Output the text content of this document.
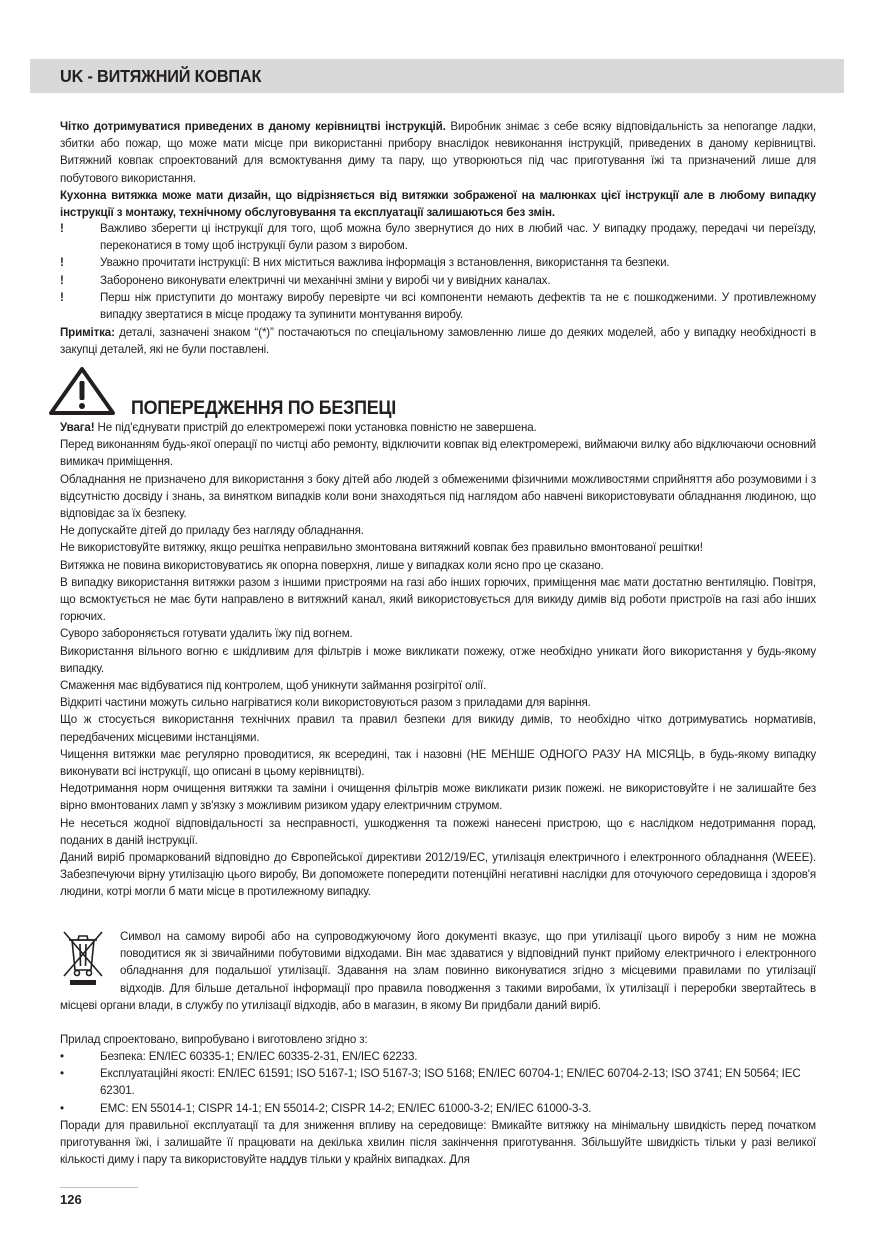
UK - ВИТЯЖНИЙ КОВПАК

Чітко дотримуватися приведених в даному керівництві інструкцій. Виробник знімає з себе всяку відповідальність за непоrange ладки, збитки або пожар, що може мати місце при використанні прибору внаслідок невиконання інструкцій, приведених в даному керівництві. Витяжний ковпак спроектований для всмоктування диму та пару, що утворюються під час приготування їжі та призначений лише для побутового використання.

Кухонна витяжка може мати дизайн, що відрізняється від витяжки зображеної на малюнках цієї інструкції але в любому випадку інструкції з монтажу, технічному обслуговування та експлуатації залишаються без змін.

!	Важливо зберегти ці інструкції для того, щоб можна було звернутися до них в любий час. У випадку продажу, передачі чи переїзду, переконатися в тому щоб інструкції були разом з виробом.
!	Уважно прочитати інструкції: В них міститься важлива інформація з встановлення, використання та безпеки.
!	Заборонено виконувати електричні чи механічні зміни у виробі чи у вивідних каналах.
!	Перш ніж приступити до монтажу виробу перевірте чи всі компоненти немають дефектів та не є пошкодженими. У противлежному випадку звертатися в місце продажу та зупинити монтування виробу.

Примітка: деталі, зазначені знаком “(*)” постачаються по спеціальному замовленню лише до деяких моделей, або у випадку необхідності в закупці деталей, які не були поставлені.

ПОПЕРЕДЖЕННЯ ПО БЕЗПЕЦІ
Увага! Не під'єднувати пристрій до електромережі поки установка повністю не завершена.
Перед виконанням будь-якої операції по чистці або ремонту, відключити ковпак від електромережі, виймаючи вилку або відключаючи основний вимикач приміщення.
Обладнання не призначено для використання з боку дітей або людей з обмеженими фізичними можливостями сприйняття або розумовими і з відсутністю досвіду і знань, за винятком випадків коли вони знаходяться під наглядом або навчені використовувати обладнання людиною, що відповідає за їх безпеку.
Не допускайте дітей до приладу без нагляду обладнання.
Не використовуйте витяжку, якщо решітка неправильно змонтована витяжний ковпак без правильно вмонтованої решітки!
Витяжка не повина використовуватись як опорна поверхня, лише у випадках коли ясно про це сказано.
В випадку використання витяжки разом з іншими пристроями на газі або інших горючих, приміщення має мати достатню вентиляцію. Повітря, що всмоктується не має бути направлено в витяжний канал, який використовується для викиду димів від роботи пристроїв на газі або інших горючих.
Суворо забороняється готувати удалить їжу під вогнем.
Використання вільного вогню є шкідливим для фільтрів і може викликати пожежу, отже необхідно уникати його використання у будь-якому випадку.
Смаження має відбуватися під контролем, щоб уникнути займання розігрітої олії.
Відкриті частини можуть сильно нагріватися коли використовуються разом з приладами для варіння.
Що ж стосується використання технічних правил та правил безпеки для викиду димів, то необхідно чітко дотримуватись нормативів, передбачених місцевими інстанціями.
Чищення витяжки має регулярно проводитися, як всередині, так і назовні (НЕ МЕНШЕ ОДНОГО РАЗУ НА МІСЯЦЬ, в будь-якому випадку виконувати всі інструкції, що описані в цьому керівництві).
Недотримання норм очищення витяжки та заміни і очищення фільтрів може викликати ризик пожежі. не використовуйте і не залишайте без вірно вмонтованих ламп у зв'язку з можливим ризиком удару електричним струмом.
Не несеться жодної відповідальності за несправності, ушкодження та пожежі нанесені пристрою, що є наслідком недотримання порад, поданих в даній інструкції.
Даний виріб промаркований відповідно до Європейської директиви 2012/19/EC, утилізація електричного і електронного обладнання (WEEE). Забезпечуючи вірну утилізацію цього виробу, Ви допоможете попередити потенційні негативні наслідки для оточуючого середовища і здоров'я людини, котрі могли б мати місце в протилежному випадку.

Символ на самому виробі або на супроводжуючому його документі вказує, що при утилізації цього виробу з ним не можна поводитися як зі звичайними побутовими відходами. Він має здаватися у відповідний пункт прийому електричного і електронного обладнання для подальшої утилізації. Здавання на злам повинно виконуватися згідно з місцевими правилами по утилізації відходів. Для більше детальної інформації про правила поводження з такими виробами, їх утилізації і переробки звертайтесь в місцеві органи влади, в службу по утилізації відходів, або в магазин, в якому Ви придбали даний виріб.

Прилад спроектовано, випробувано і виготовлено згідно з:

•	Безпека: EN/IEC 60335-1; EN/IEC 60335-2-31, EN/IEC 62233.
•	Експлуатаційні якості: EN/IEC 61591; ISO 5167-1; ISO 5167-3; ISO 5168; EN/IEC 60704-1; EN/IEC 60704-2-13; ISO 3741; EN 50564; IEC 62301.
•	EMC: EN 55014-1; CISPR 14-1; EN 55014-2; CISPR 14-2; EN/IEC 61000-3-2; EN/IEC 61000-3-3.

Поради для правильної експлуатації та для зниження впливу на середовище: Вмикайте витяжку на мінімальну швидкість перед початком приготування їжі, і залишайте її працювати на декілька хвилин після закінчення приготування. Збільшуйте швидкість тільки у разі великої кількості диму і пару та використовуйте наддув тільки у крайніх випадках. Для

126
